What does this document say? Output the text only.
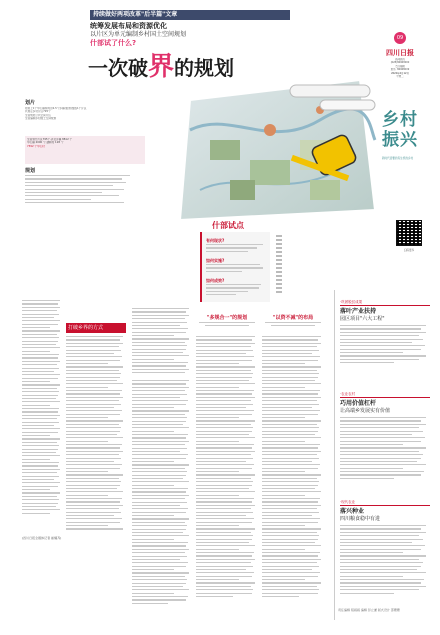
持续做好两项改革"后半篇"文章
统筹发展布局和资源优化
以片区为单元编制乡村国土空间规划
什部试了什么?
一次破界的规划
划片
原则上1个中心镇和周边2-5个乡镇(街道)组成1个片区
共划定乡村片区795个
全省规划公共空间片区
全省编制乡村国土空间规划
全省划分片区795个,涉及乡镇 8812 个
中心镇 2000 个,建制村 128 个
7392 个中心村
规划
什部试点
有何现状?
如何实施?
如何成效?
打破乡界的方式
(四川日报全媒体记者 崔耀齐)
"多规合一"的规划	"以资不减"的布局
责任编辑 程娟娟 编辑 彭立谦 版式设计 邵珊珊
09
四川日报
新闻热线
(028)86968000
责任编辑
联系: 86968009
2022年4月12日
星期二
乡村振兴
新时代需要的有生机的乡村
扫码更多
·巩固脱贫成果
落叶产业扶持
园区项目"六大工程"
·农业农村
巧用价值杠杆
让高端乡发展实有价值
·现代农业
落兴种业
四川粮食稳中有进
